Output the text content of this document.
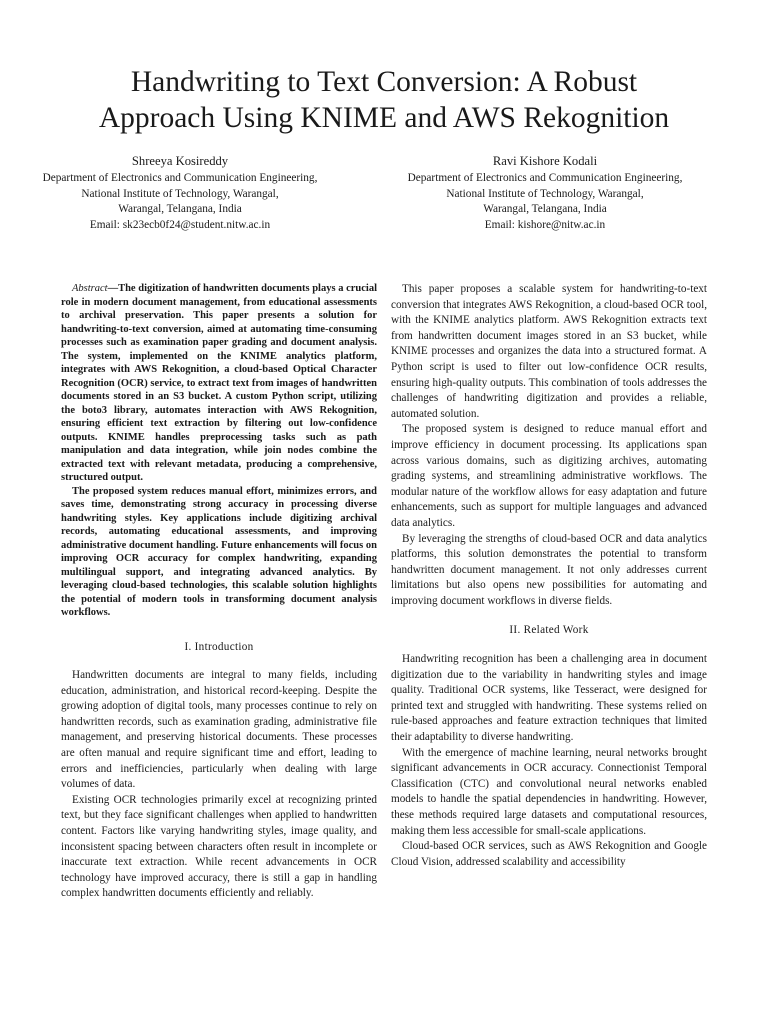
Handwriting to Text Conversion: A Robust
Approach Using KNIME and AWS Rekognition
Shreeya Kosireddy
Department of Electronics and Communication Engineering,
National Institute of Technology, Warangal,
Warangal, Telangana, India
Email: sk23ecb0f24@student.nitw.ac.in
Ravi Kishore Kodali
Department of Electronics and Communication Engineering,
National Institute of Technology, Warangal,
Warangal, Telangana, India
Email: kishore@nitw.ac.in

Abstract—The digitization of handwritten documents plays a crucial role in modern document management, from educational assessments to archival preservation. This paper presents a solution for handwriting-to-text conversion, aimed at automating time-consuming processes such as examination paper grading and document analysis. The system, implemented on the KNIME analytics platform, integrates with AWS Rekognition, a cloud-based Optical Character Recognition (OCR) service, to extract text from images of handwritten documents stored in an S3 bucket. A custom Python script, utilizing the boto3 library, automates interaction with AWS Rekognition, ensuring efficient text extraction by filtering out low-confidence outputs. KNIME handles preprocessing tasks such as path manipulation and data integration, while join nodes combine the extracted text with relevant metadata, producing a comprehensive, structured output.

The proposed system reduces manual effort, minimizes errors, and saves time, demonstrating strong accuracy in processing diverse handwriting styles. Key applications include digitizing archival records, automating educational assessments, and improving administrative document handling. Future enhancements will focus on improving OCR accuracy for complex handwriting, expanding multilingual support, and integrating advanced analytics. By leveraging cloud-based technologies, this scalable solution highlights the potential of modern tools in transforming document analysis workflows.

I. Introduction

Handwritten documents are integral to many fields, including education, administration, and historical record-keeping. Despite the growing adoption of digital tools, many processes continue to rely on handwritten records, such as examination grading, administrative file management, and preserving historical documents. These processes are often manual and require significant time and effort, leading to errors and inefficiencies, particularly when dealing with large volumes of data.

Existing OCR technologies primarily excel at recognizing printed text, but they face significant challenges when applied to handwritten content. Factors like varying handwriting styles, image quality, and inconsistent spacing between characters often result in incomplete or inaccurate text extraction. While recent advancements in OCR technology have improved accuracy, there is still a gap in handling complex handwritten documents efficiently and reliably.

This paper proposes a scalable system for handwriting-to-text conversion that integrates AWS Rekognition, a cloud-based OCR tool, with the KNIME analytics platform. AWS Rekognition extracts text from handwritten document images stored in an S3 bucket, while KNIME processes and organizes the data into a structured format. A Python script is used to filter out low-confidence OCR results, ensuring high-quality outputs. This combination of tools addresses the challenges of handwriting digitization and provides a reliable, automated solution.

The proposed system is designed to reduce manual effort and improve efficiency in document processing. Its applications span across various domains, such as digitizing archives, automating grading systems, and streamlining administrative workflows. The modular nature of the workflow allows for easy adaptation and future enhancements, such as support for multiple languages and advanced data analytics.

By leveraging the strengths of cloud-based OCR and data analytics platforms, this solution demonstrates the potential to transform handwritten document management. It not only addresses current limitations but also opens new possibilities for automating and improving document workflows in diverse fields.

II. Related Work

Handwriting recognition has been a challenging area in document digitization due to the variability in handwriting styles and image quality. Traditional OCR systems, like Tesseract, were designed for printed text and struggled with handwriting. These systems relied on rule-based approaches and feature extraction techniques that limited their adaptability to diverse handwriting.

With the emergence of machine learning, neural networks brought significant advancements in OCR accuracy. Connectionist Temporal Classification (CTC) and convolutional neural networks enabled models to handle the spatial dependencies in handwriting. However, these methods required large datasets and computational resources, making them less accessible for small-scale applications.

Cloud-based OCR services, such as AWS Rekognition and Google Cloud Vision, addressed scalability and accessibility
